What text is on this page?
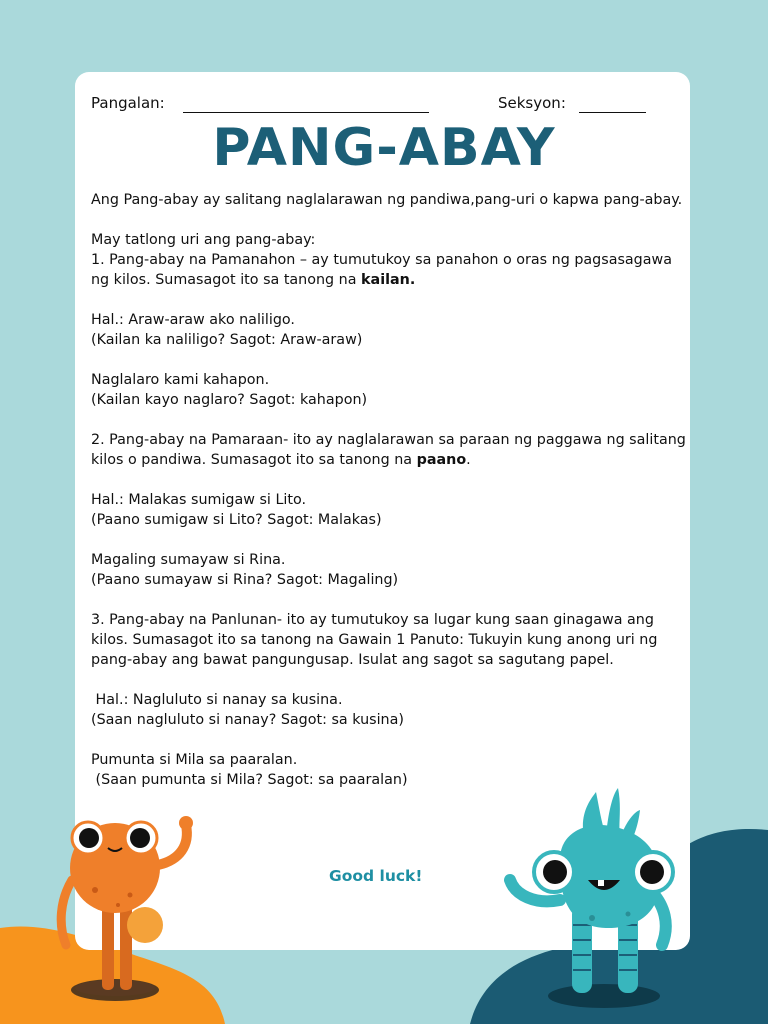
Pangalan:	Seksyon:
PANG-ABAY

Ang Pang-abay ay salitang naglalarawan ng pandiwa,pang-uri o kapwa pang-abay.

May tatlong uri ang pang-abay:

1. Pang-abay na Pamanahon – ay tumutukoy sa panahon o oras ng pagsasagawa ng kilos. Sumasagot ito sa tanong na kailan.

Hal.: Araw-araw ako naliligo.

(Kailan ka naliligo? Sagot: Araw-araw)

Naglalaro kami kahapon.

(Kailan kayo naglaro? Sagot: kahapon)

2. Pang-abay na Pamaraan- ito ay naglalarawan sa paraan ng paggawa ng salitang kilos o pandiwa. Sumasagot ito sa tanong na paano.

Hal.: Malakas sumigaw si Lito.

(Paano sumigaw si Lito? Sagot: Malakas)

Magaling sumayaw si Rina.

(Paano sumayaw si Rina? Sagot: Magaling)

3. Pang-abay na Panlunan- ito ay tumutukoy sa lugar kung saan ginagawa ang kilos. Sumasagot ito sa tanong na Gawain 1 Panuto: Tukuyin kung anong uri ng pang-abay ang bawat pangungusap. Isulat ang sagot sa sagutang papel.

Hal.: Nagluluto si nanay sa kusina.

(Saan nagluluto si nanay? Sagot: sa kusina)

Pumunta si Mila sa paaralan.

(Saan pumunta si Mila? Sagot: sa paaralan)

Good luck!
